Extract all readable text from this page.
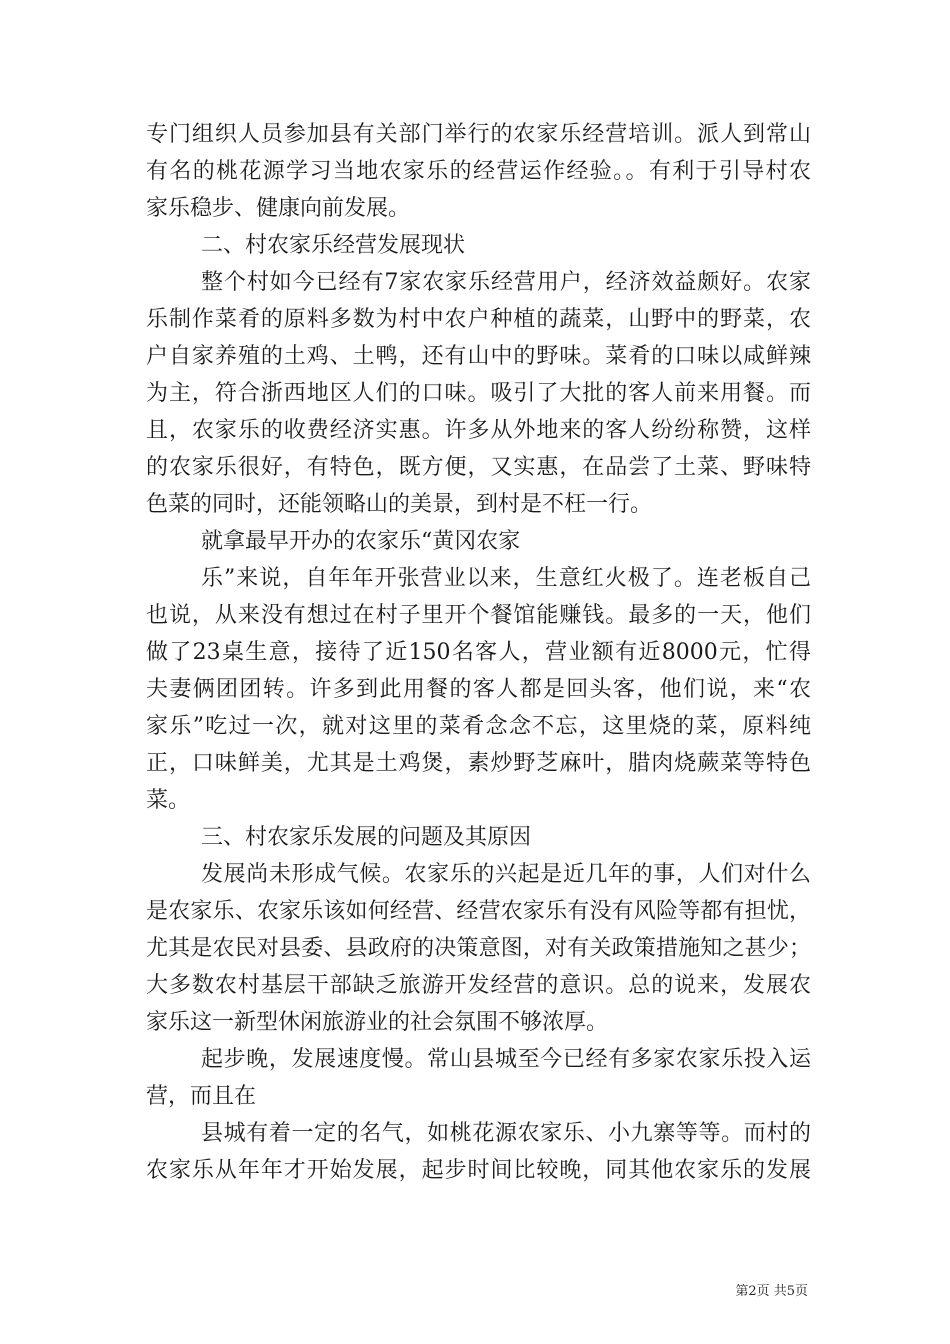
专门组织人员参加县有关部门举行的农家乐经营培训。派人到常山
有名的桃花源学习当地农家乐的经营运作经验。。有利于引导村农
家乐稳步、健康向前发展。
二、村农家乐经营发展现状
整个村如今已经有7家农家乐经营用户，经济效益颇好。农家
乐制作菜肴的原料多数为村中农户种植的蔬菜，山野中的野菜，农
户自家养殖的土鸡、土鸭，还有山中的野味。菜肴的口味以咸鲜辣
为主，符合浙西地区人们的口味。吸引了大批的客人前来用餐。而
且，农家乐的收费经济实惠。许多从外地来的客人纷纷称赞，这样
的农家乐很好，有特色，既方便，又实惠，在品尝了土菜、野味特
色菜的同时，还能领略山的美景，到村是不枉一行。
就拿最早开办的农家乐“黄冈农家
乐”来说，自年年开张营业以来，生意红火极了。连老板自己
也说，从来没有想过在村子里开个餐馆能赚钱。最多的一天，他们
做了23桌生意，接待了近150名客人，营业额有近8000元，忙得
夫妻俩团团转。许多到此用餐的客人都是回头客，他们说，来“农
家乐”吃过一次，就对这里的菜肴念念不忘，这里烧的菜，原料纯
正，口味鲜美，尤其是土鸡煲，素炒野芝麻叶，腊肉烧蕨菜等特色
菜。
三、村农家乐发展的问题及其原因
发展尚未形成气候。农家乐的兴起是近几年的事，人们对什么
是农家乐、农家乐该如何经营、经营农家乐有没有风险等都有担忧，
尤其是农民对县委、县政府的决策意图，对有关政策措施知之甚少；
大多数农村基层干部缺乏旅游开发经营的意识。总的说来，发展农
家乐这一新型休闲旅游业的社会氛围不够浓厚。
起步晚，发展速度慢。常山县城至今已经有多家农家乐投入运
营，而且在
县城有着一定的名气，如桃花源农家乐、小九寨等等。而村的
农家乐从年年才开始发展，起步时间比较晚，同其他农家乐的发展
第2页 共5页
